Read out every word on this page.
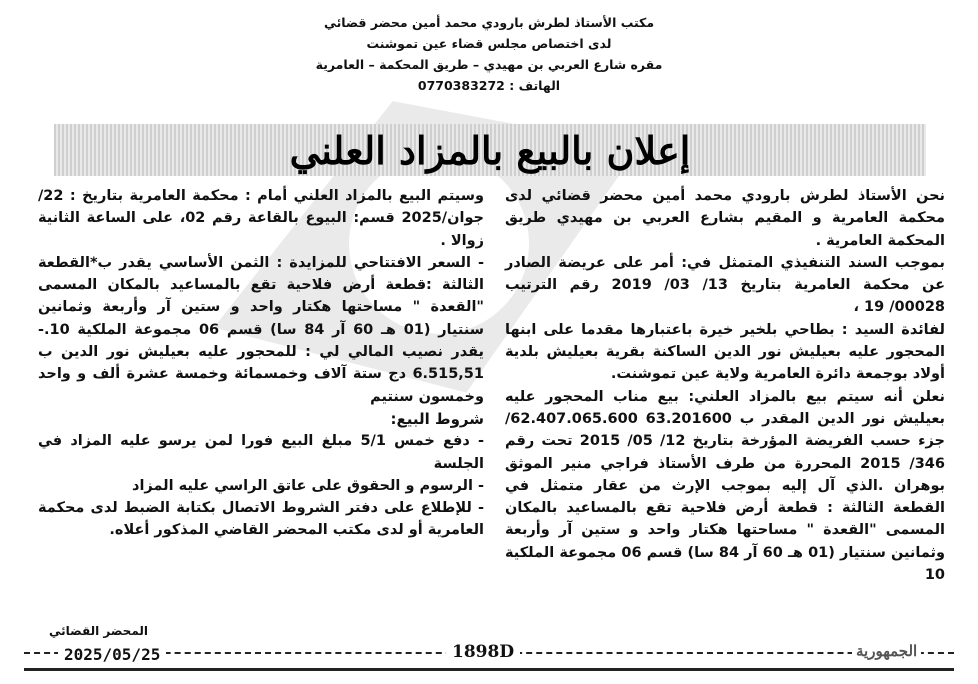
مكتب الأستاذ لطرش بارودي محمد أمين محضر قضائي
لدى اختصاص مجلس قضاء عين تموشنت
مقره شارع العربي بن مهيدي – طريق المحكمة – العامرية
الهاتف : 0770383272
إعلان بالبيع بالمزاد العلني

نحن الأستاذ لطرش بارودي محمد أمين محضر قضائي لدى محكمة العامرية و المقيم بشارع العربي بن مهيدي طريق المحكمة العامرية .

بموجب السند التنفيذي المتمثل في: أمر على عريضة الصادر عن محكمة العامرية بتاريخ 13/ 03/ 2019 رقم الترتيب 00028/ 19 ،

لفائدة السيد : بطاحي بلخير خيرة باعتبارها مقدما على ابنها المحجور عليه بعيليش نور الدين الساكنة بقرية بعيليش بلدية أولاد بوجمعة دائرة العامرية ولاية عين تموشنت.

نعلن أنه سيتم بيع بالمزاد العلني: بيع مناب المحجور عليه بعيليش نور الدين المقدر ب 63.201600 62.407.065.600/ جزء حسب الفريضة المؤرخة بتاريخ 12/ 05/ 2015 تحت رقم 346/ 2015 المحررة من طرف الأستاذ فراجي منير الموثق بوهران .الذي آل إليه بموجب الإرث من عقار متمثل في القطعة الثالثة : قطعة أرض فلاحية تقع بالمساعيد بالمكان المسمى "القعدة " مساحتها هكتار واحد و ستين آر وأربعة وثمانين سنتيار (01 هـ 60 آر 84 سا) قسم 06 مجموعة الملكية 10

وسيتم البيع بالمزاد العلني أمام : محكمة العامرية بتاريخ : 22/جوان/2025 قسم: البيوع بالقاعة رقم 02، على الساعة الثانية زوالا .

- السعر الافتتاحي للمزايدة : الثمن الأساسي يقدر ب*القطعة الثالثة :قطعة أرض فلاحية تقع بالمساعيد بالمكان المسمى "القعدة " مساحتها هكتار واحد و ستين آر وأربعة وثمانين سنتيار (01 هـ 60 آر 84 سا) قسم 06 مجموعة الملكية 10.-يقدر نصيب المالي لي : للمحجور عليه بعيليش نور الدين ب 6.515,51 دج ستة آلاف وخمسمائة وخمسة عشرة ألف و واحد وخمسون سنتيم

شروط البيع:

- دفع خمس 5/1 مبلغ البيع فورا لمن يرسو عليه المزاد في الجلسة

- الرسوم و الحقوق على عاتق الراسي عليه المزاد

- للإطلاع على دفتر الشروط الاتصال بكتابة الضبط لدى محكمة العامرية أو لدى مكتب المحضر القاضي المذكور أعلاه.

المحضر القضائي
2025/05/25	1898D	الجمهورية
